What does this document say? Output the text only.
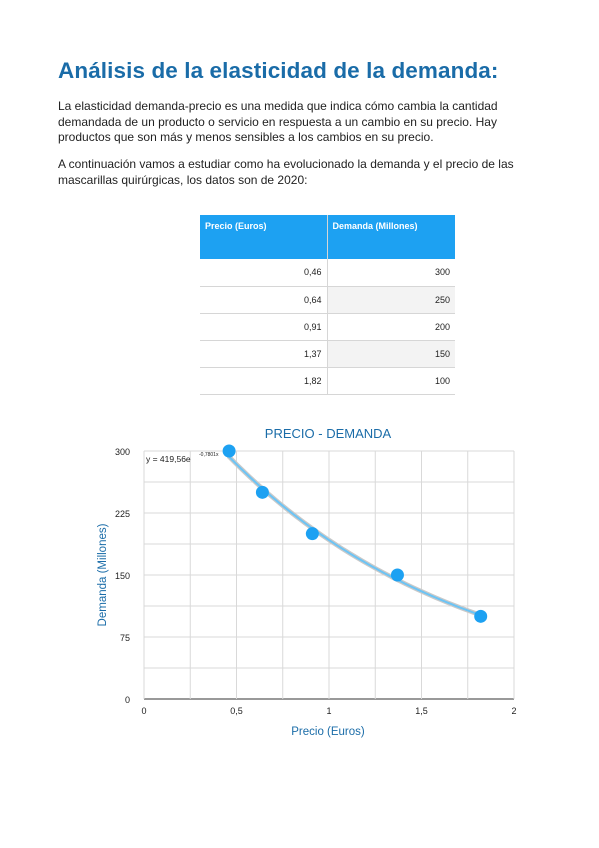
Análisis de la elasticidad de la demanda:

La elasticidad demanda-precio es una medida que indica cómo cambia la cantidad demandada de un producto o servicio en respuesta a un cambio en su precio. Hay productos que son más y menos sensibles a los cambios en su precio.

A continuación vamos a estudiar como ha evolucionado la demanda y el precio de las mascarillas quirúrgicas, los datos son de 2020:

Precio (Euros)	Demanda (Millones)
0,46	300
0,64	250
0,91	200
1,37	150
1,82	100
0
75
150
225
300
0	0,5	1	1,5	2
PRECIO - DEMANDA
Precio (Euros)
Demanda (Millones)
y = 419,56e -0,7801x
